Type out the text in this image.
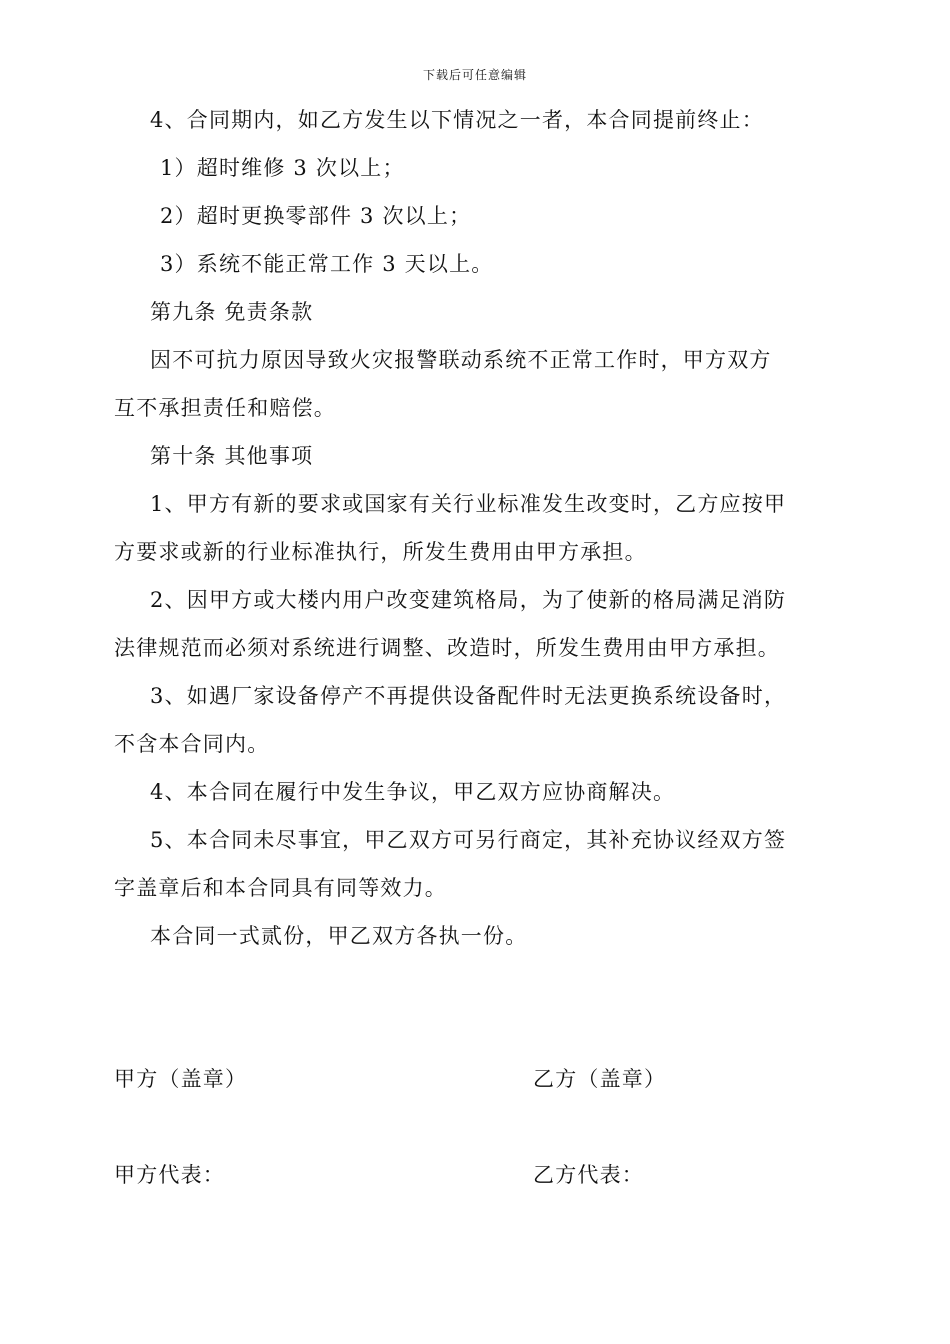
下载后可任意编辑
4、合同期内，如乙方发生以下情况之一者，本合同提前终止：
1）超时维修 3 次以上；
2）超时更换零部件 3 次以上；
3）系统不能正常工作 3 天以上。
第九条 免责条款
因不可抗力原因导致火灾报警联动系统不正常工作时，甲方双方
互不承担责任和赔偿。
第十条 其他事项
1、甲方有新的要求或国家有关行业标准发生改变时，乙方应按甲
方要求或新的行业标准执行，所发生费用由甲方承担。
2、因甲方或大楼内用户改变建筑格局，为了使新的格局满足消防
法律规范而必须对系统进行调整、改造时，所发生费用由甲方承担。
3、如遇厂家设备停产不再提供设备配件时无法更换系统设备时，
不含本合同内。
4、本合同在履行中发生争议，甲乙双方应协商解决。
5、本合同未尽事宜，甲乙双方可另行商定，其补充协议经双方签
字盖章后和本合同具有同等效力。
本合同一式贰份，甲乙双方各执一份。
甲方（盖章）	乙方（盖章）
甲方代表：	乙方代表：
